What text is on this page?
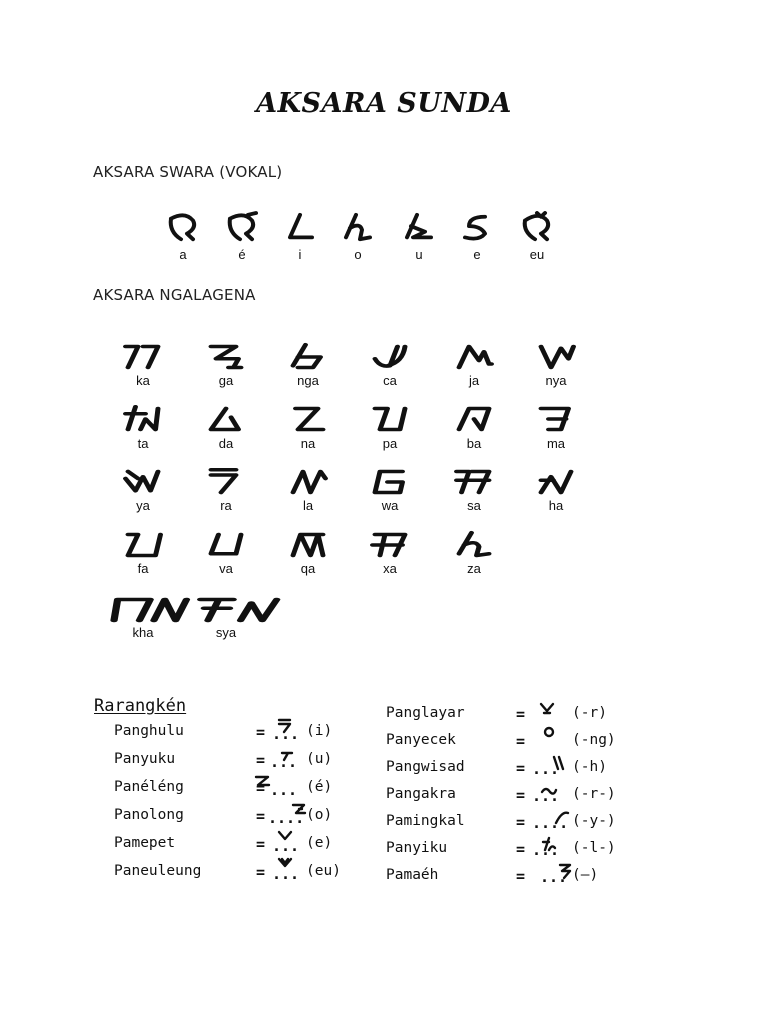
AKSARA SUNDA
AKSARA SWARA (VOKAL)
AKSARA NGALAGENA
Rarangkén
a	é	i	o	u	e	eu
ka	ga	nga	ca	ja	nya
ta	da	na	pa	ba	ma
ya	ra	la	wa	sa	ha
fa	va	qa	xa	za
kha	sya
Panghulu	= ... (i)
Panyuku	= ... (u)
Panéléng	= ... (é)
Panolong	= .... (o)
Pamepet	= ... (e)
Paneuleung	= ... (eu)
Panglayar	=	(-r)
Panyecek	=	(-ng)
Pangwisad	= ... (-h)
Pangakra	= ... (-r-)
Pamingkal	= .... (-y-)
Panyiku	= ... (-l-)
Pamaéh	= ... (—)
